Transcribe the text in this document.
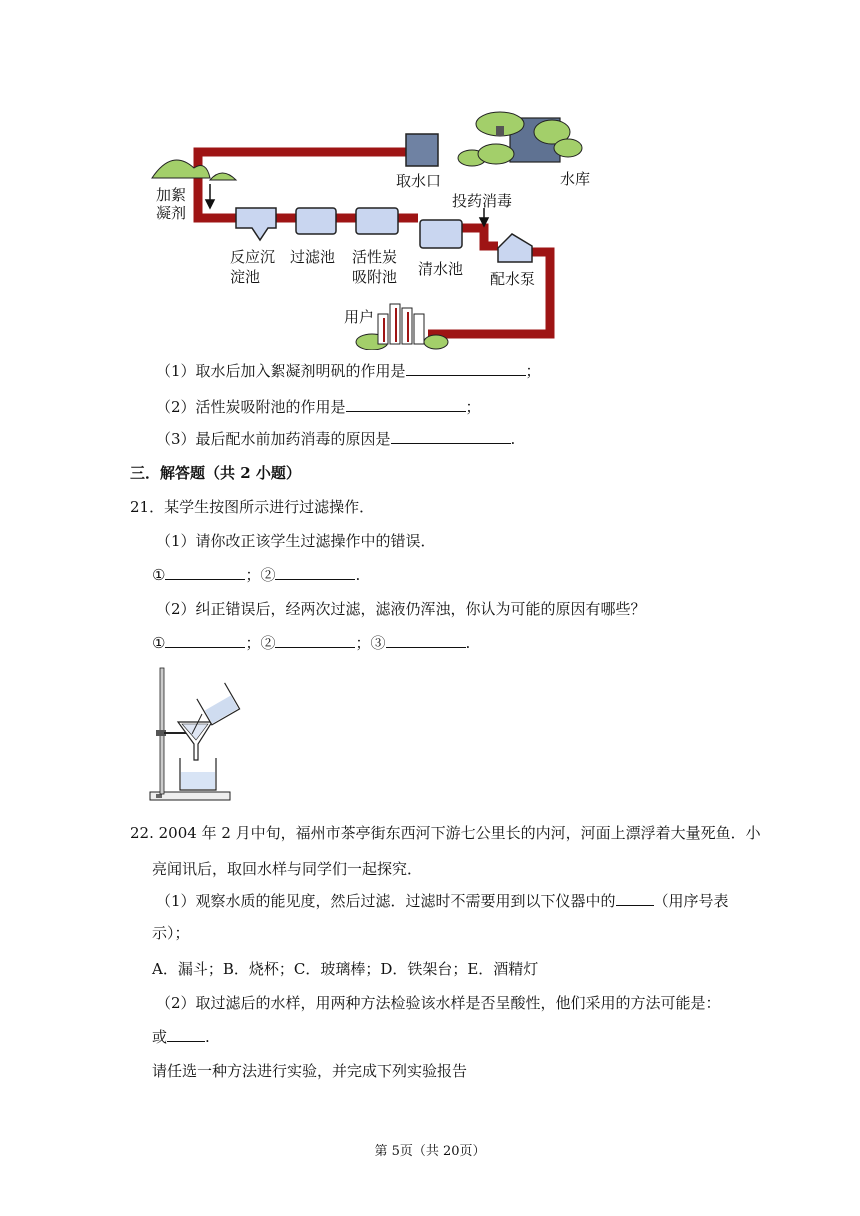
取水口	水库
加絮
凝剂
投药消毒
反应沉
淀池
过滤池 活性炭
吸附池 清水池
配水泵
用户
（1）取水后加入絮凝剂明矾的作用是	；
（2）活性炭吸附池的作用是	；
（3）最后配水前加药消毒的原因是	.
三．解答题（共 2 小题）
21．某学生按图所示进行过滤操作．
（1）请你改正该学生过滤操作中的错误．
①	；②	.
（2）纠正错误后，经两次过滤，滤液仍浑浊，你认为可能的原因有哪些？
①	；②	；③	.
22. 2004 年 2 月中旬，福州市茶亭街东西河下游七公里长的内河，河面上漂浮着大量死鱼．小
亮闻讯后，取回水样与同学们一起探究．
（1）观察水质的能见度，然后过滤．过滤时不需要用到以下仪器中的	（用序号表
示）；
A．漏斗；B．烧杯；C．玻璃棒；D．铁架台；E．酒精灯
（2）取过滤后的水样，用两种方法检验该水样是否呈酸性，他们采用的方法可能是：
或	.
请任选一种方法进行实验，并完成下列实验报告
第 5页（共 20页）
